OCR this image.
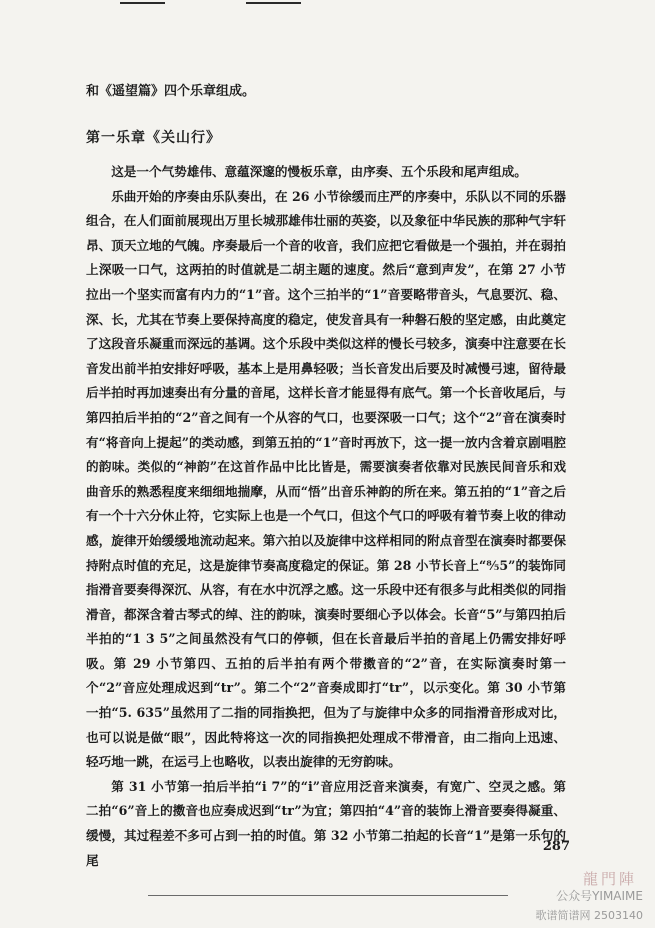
和《遥望篇》四个乐章组成。
第一乐章《关山行》

这是一个气势雄伟、意蕴深邃的慢板乐章，由序奏、五个乐段和尾声组成。

乐曲开始的序奏由乐队奏出，在 26 小节徐缓而庄严的序奏中，乐队以不同的乐器组合，在人们面前展现出万里长城那雄伟壮丽的英姿，以及象征中华民族的那种气宇轩昂、顶天立地的气魄。序奏最后一个音的收音，我们应把它看做是一个强拍，并在弱拍上深吸一口气，这两拍的时值就是二胡主题的速度。然后“意到声发”，在第 27 小节拉出一个坚实而富有内力的“1”音。这个三拍半的“1”音要略带音头，气息要沉、稳、深、长，尤其在节奏上要保持高度的稳定，使发音具有一种磐石般的坚定感，由此奠定了这段音乐凝重而深远的基调。这个乐段中类似这样的慢长弓较多，演奏中注意要在长音发出前半拍安排好呼吸，基本上是用鼻轻吸；当长音发出后要及时减慢弓速，留待最后半拍时再加速奏出有分量的音尾，这样长音才能显得有底气。第一个长音收尾后，与第四拍后半拍的“2”音之间有一个从容的气口，也要深吸一口气；这个“2”音在演奏时有“将音向上提起”的类动感，到第五拍的“1”音时再放下，这一提一放内含着京剧唱腔的韵味。类似的“神韵”在这首作品中比比皆是，需要演奏者依靠对民族民间音乐和戏曲音乐的熟悉程度来细细地揣摩，从而“悟”出音乐神韵的所在来。第五拍的“1”音之后有一个十六分休止符，它实际上也是一个气口，但这个气口的呼吸有着节奏上收的律动感，旋律开始缓缓地流动起来。第六拍以及旋律中这样相同的附点音型在演奏时都要保持附点时值的充足，这是旋律节奏高度稳定的保证。第 28 小节长音上“⁸⁄₅5”的装饰同指滑音要奏得深沉、从容，有在水中沉浮之感。这一乐段中还有很多与此相类似的同指滑音，都深含着古琴式的绰、注的韵味，演奏时要细心予以体会。长音“5”与第四拍后半拍的“1 3 5”之间虽然没有气口的停顿，但在长音最后半拍的音尾上仍需安排好呼吸。第 29 小节第四、五拍的后半拍有两个带擞音的“2”音，在实际演奏时第一个“2”音应处理成迟到“tr”。第二个“2”音奏成即打“tr”，以示变化。第 30 小节第一拍“5. 635”虽然用了二指的同指换把，但为了与旋律中众多的同指滑音形成对比，也可以说是做“眼”，因此特将这一次的同指换把处理成不带滑音，由二指向上迅速、轻巧地一跳，在运弓上也略收，以表出旋律的无穷韵味。

第 31 小节第一拍后半拍“i 7”的“i”音应用泛音来演奏，有宽广、空灵之感。第二拍“6”音上的擞音也应奏成迟到“tr”为宜；第四拍“4”音的装饰上滑音要奏得凝重、缓慢，其过程差不多可占到一拍的时值。第 32 小节第二拍起的长音“1”是第一乐句的尾

287
龍門陣
公众号YIMAIME
歌谱简谱网 2503140
